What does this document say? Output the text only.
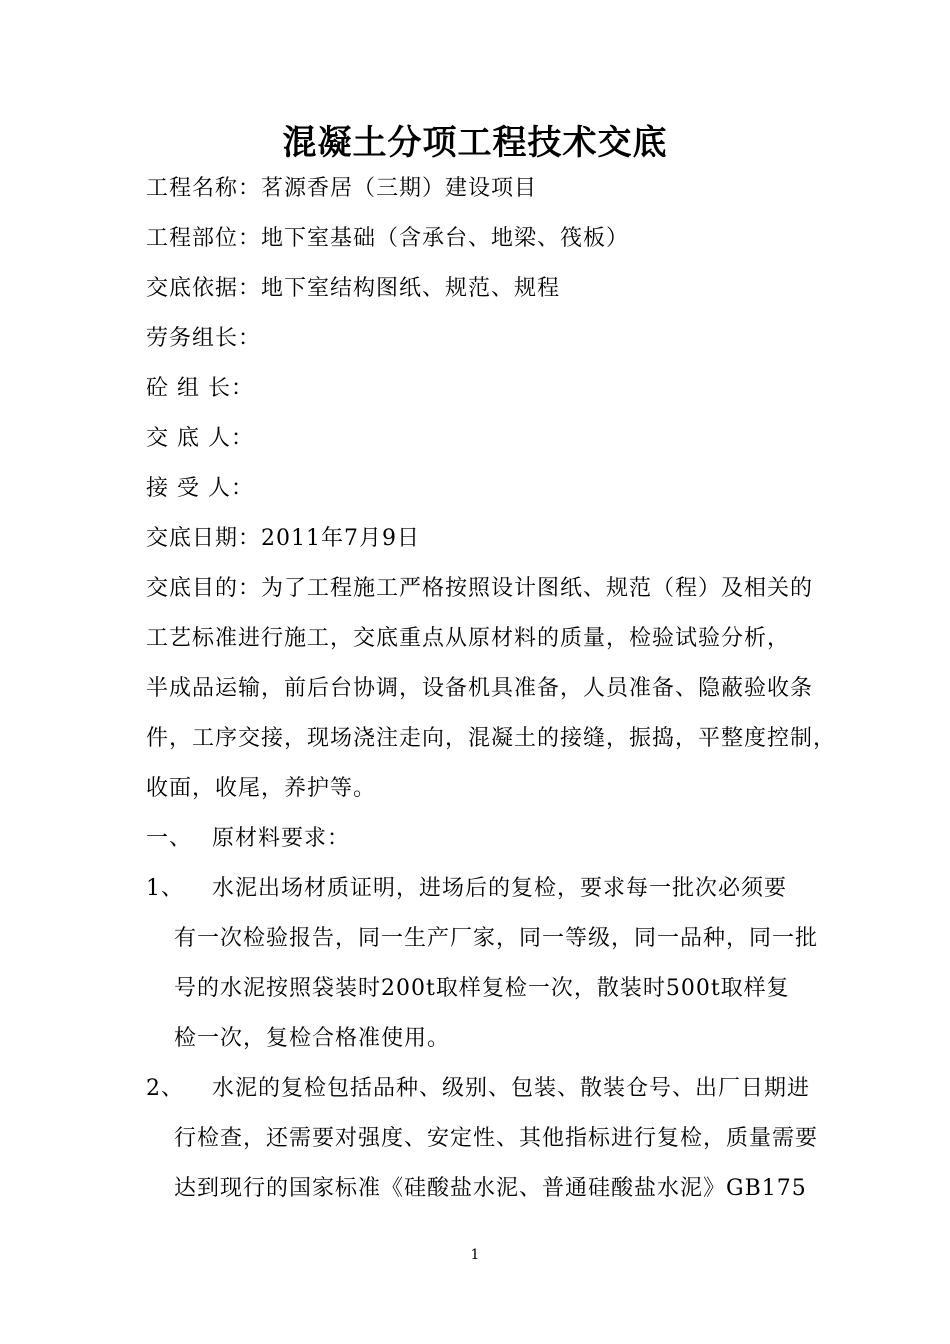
混凝土分项工程技术交底
工程名称：茗源香居（三期）建设项目
工程部位：地下室基础（含承台、地梁、筏板）
交底依据：地下室结构图纸、规范、规程
劳务组长：
砼 组 长：
交 底 人：
接 受 人：
交底日期：2011年7月9日
交底目的：为了工程施工严格按照设计图纸、规范（程）及相关的
工艺标准进行施工，交底重点从原材料的质量，检验试验分析，
半成品运输，前后台协调，设备机具准备，人员准备、隐蔽验收条
件，工序交接，现场浇注走向，混凝土的接缝，振捣，平整度控制，
收面，收尾，养护等。
一、 原材料要求：
1、 水泥出场材质证明，进场后的复检，要求每一批次必须要
有一次检验报告，同一生产厂家，同一等级，同一品种，同一批
号的水泥按照袋装时200t取样复检一次，散装时500t取样复
检一次，复检合格准使用。
2、 水泥的复检包括品种、级别、包装、散装仓号、出厂日期进
行检查，还需要对强度、安定性、其他指标进行复检，质量需要
达到现行的国家标准《硅酸盐水泥、普通硅酸盐水泥》GB175
1
